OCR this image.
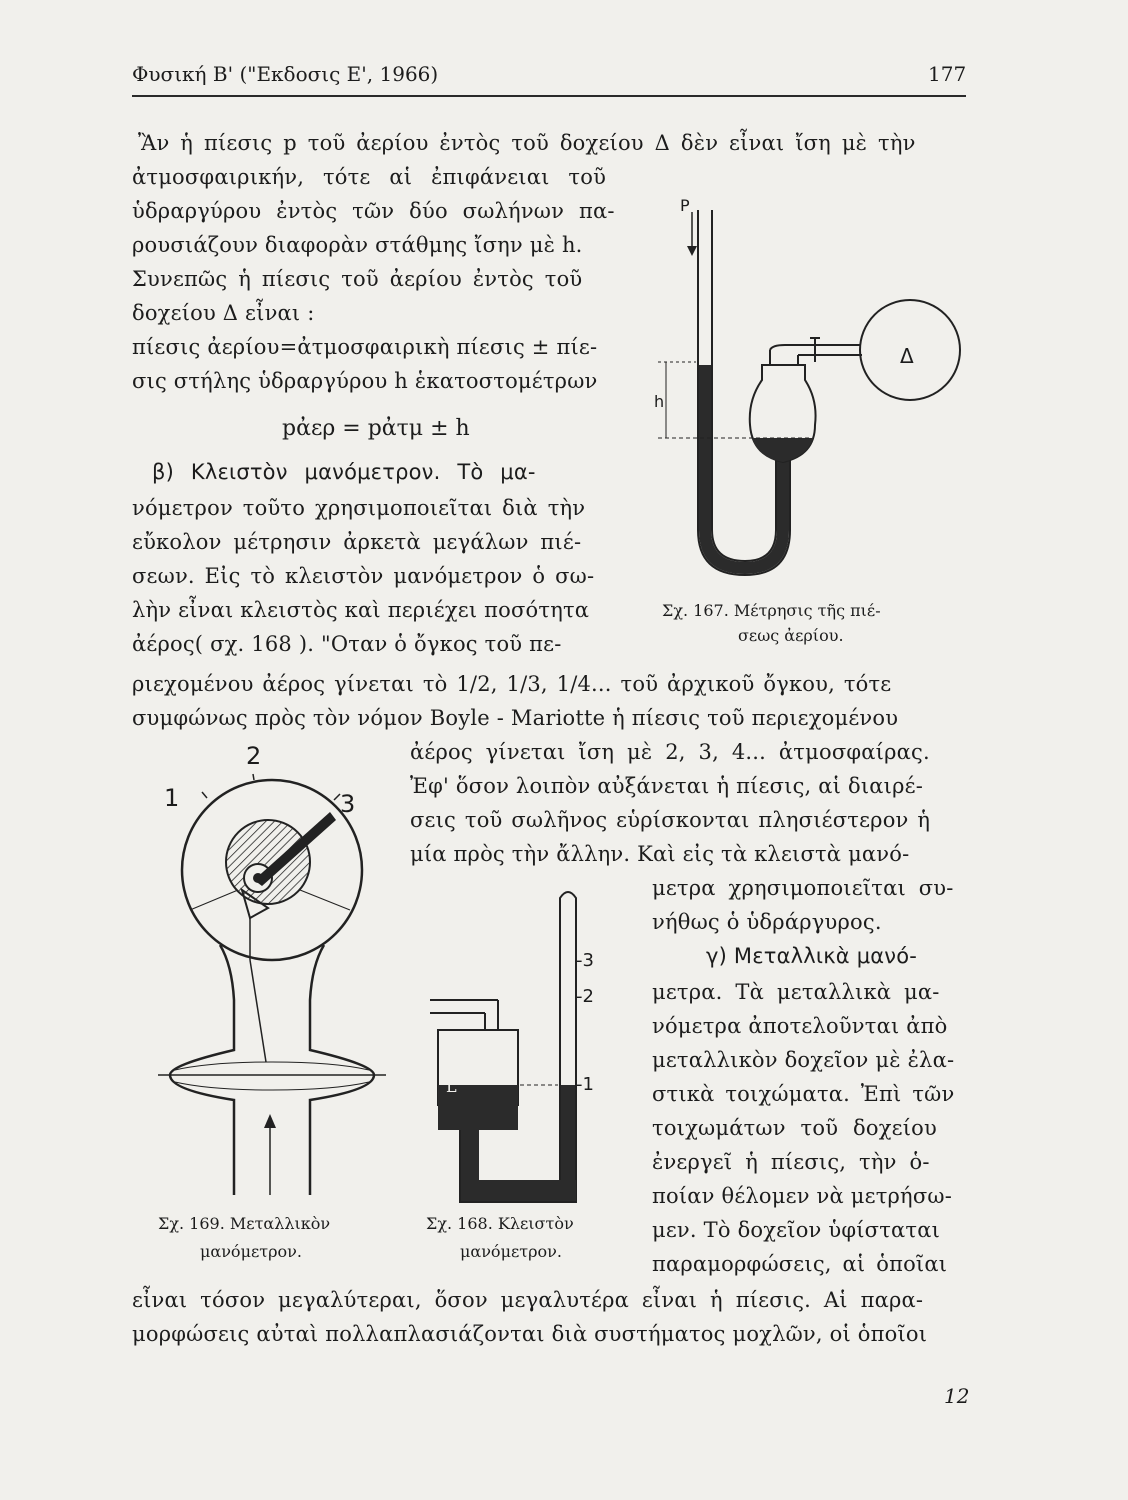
Φυσική Β' ("Εκδοσις Ε', 1966)	177
Ἂν ἡ πίεσις p τοῦ ἀερίου ἐντὸς τοῦ δοχείου Δ δὲν εἶναι ἴση μὲ τὴν
ἀτμοσφαιρικήν, τότε αἱ ἐπιφάνειαι τοῦ
ὑδραργύρου ἐντὸς τῶν δύο σωλήνων πα-
ρουσιάζουν διαφορὰν στάθμης ἴσην μὲ h.
Συνεπῶς ἡ πίεσις τοῦ ἀερίου ἐντὸς τοῦ
δοχείου Δ εἶναι :
πίεσις ἀερίου=ἀτμοσφαιρικὴ πίεσις ± πίε-
σις στήλης ὑδραργύρου h ἑκατοστομέτρων
pἀερ = pἀτμ ± h
β) Κλειστὸν μανόμετρον. Τὸ μα-
νόμετρον τοῦτο χρησιμοποιεῖται διὰ τὴν
εὔκολον μέτρησιν ἀρκετὰ μεγάλων πιέ-
σεων. Εἰς τὸ κλειστὸν μανόμετρον ὁ σω-
λὴν εἶναι κλειστὸς καὶ περιέχει ποσότητα
ἀέρος( σχ. 168 ). "Οταν ὁ ὄγκος τοῦ πε-
ριεχομένου ἀέρος γίνεται τὸ 1/2, 1/3, 1/4... τοῦ ἀρχικοῦ ὄγκου, τότε
συμφώνως πρὸς τὸν νόμον Boyle - Mariotte ἡ πίεσις τοῦ περιεχομένου
ἀέρος γίνεται ἴση μὲ 2, 3, 4... ἀτμοσφαίρας.
Ἐφ' ὅσον λοιπὸν αὐξάνεται ἡ πίεσις, αἱ διαιρέ-
σεις τοῦ σωλῆνος εὑρίσκονται πλησιέστερον ἡ
μία πρὸς τὴν ἄλλην. Καὶ εἰς τὰ κλειστὰ μανό-
μετρα χρησιμοποιεῖται συ-
νήθως ὁ ὑδράργυρος.
γ) Μεταλλικὰ μανό-
μετρα. Τὰ μεταλλικὰ μα-
νόμετρα ἀποτελοῦνται ἀπὸ
μεταλλικὸν δοχεῖον μὲ ἐλα-
στικὰ τοιχώματα. Ἐπὶ τῶν
τοιχωμάτων τοῦ δοχείου
ἐνεργεῖ ἡ πίεσις, τὴν ὁ-
ποίαν θέλομεν νὰ μετρήσω-
μεν. Τὸ δοχεῖον ὑφίσταται
παραμορφώσεις, αἱ ὁποῖαι
εἶναι τόσον μεγαλύτεραι, ὅσον μεγαλυτέρα εἶναι ἡ πίεσις. Αἱ παρα-
μορφώσεις αὐταὶ πολλαπλασιάζονται διὰ συστήματος μοχλῶν, οἱ ὁποῖοι
P
h
Δ
Σχ. 167. Μέτρησις τῆς πιέ-
σεως ἀερίου.
1
2
3
Σχ. 169. Μεταλλικὸν
μανόμετρον.
L
-3
-2
-1
Σχ. 168. Κλειστὸν
μανόμετρον.
12
